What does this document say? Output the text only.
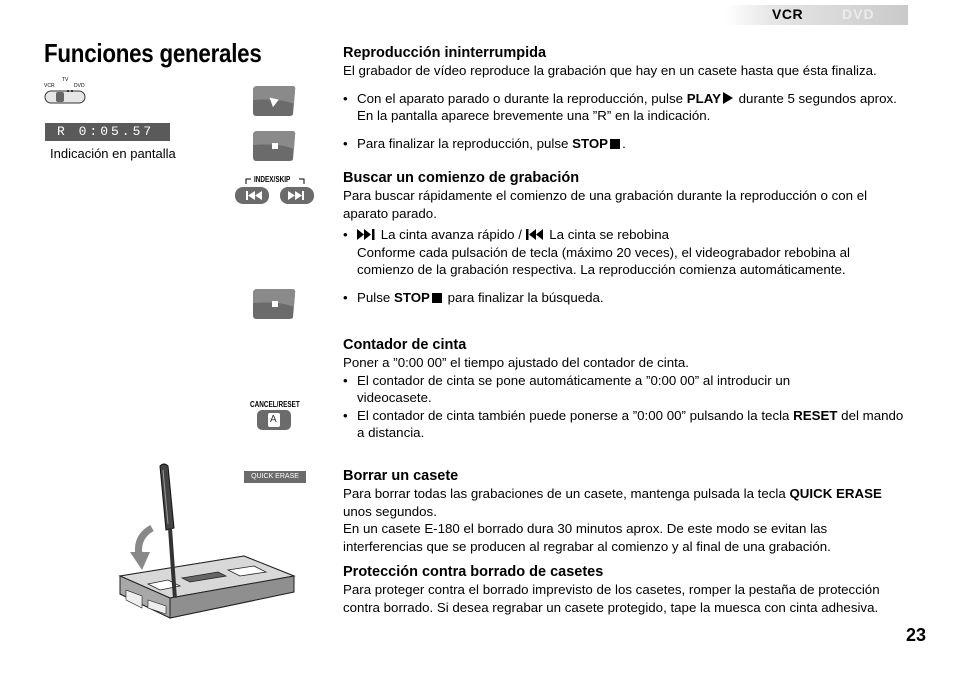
VCR	DVD
Funciones generales
TV
VCR	DVD
R 0:05.57
Indicación en pantalla
INDEX/SKIP
CANCEL/RESET
A
QUICK ERASE

Reproducción ininterrumpida

El grabador de vídeo reproduce la grabación que hay en un casete hasta que ésta finaliza.

• Con el aparato parado o durante la reproducción, pulse PLAY durante 5 segundos aprox. En la pantalla aparece brevemente una ”R” en la indicación.
• Para finalizar la reproducción, pulse STOP .

Buscar un comienzo de grabación

Para buscar rápidamente el comienzo de una grabación durante la reproducción o con el aparato parado.

• La cinta avanza rápido /  La cinta se rebobina
Conforme cada pulsación de tecla (máximo 20 veces), el videograbador rebobina al comienzo de la grabación respectiva. La reproducción comienza automáticamente.
• Pulse STOP para finalizar la búsqueda.

Contador de cinta

Poner a ”0:00 00” el tiempo ajustado del contador de cinta.

• El contador de cinta se pone automáticamente a ”0:00 00” al introducir un videocasete.
• El contador de cinta también puede ponerse a ”0:00 00” pulsando la tecla RESET del mando a distancia.

Borrar un casete

Para borrar todas las grabaciones de un casete, mantenga pulsada la tecla QUICK ERASE unos segundos.

En un casete E-180 el borrado dura 30 minutos aprox. De este modo se evitan las interferencias que se producen al regrabar al comienzo y al final de una grabación.

Protección contra borrado de casetes

Para proteger contra el borrado imprevisto de los casetes, romper la pestaña de protección contra borrado. Si desea regrabar un casete protegido, tape la muesca con cinta adhesiva.

23
